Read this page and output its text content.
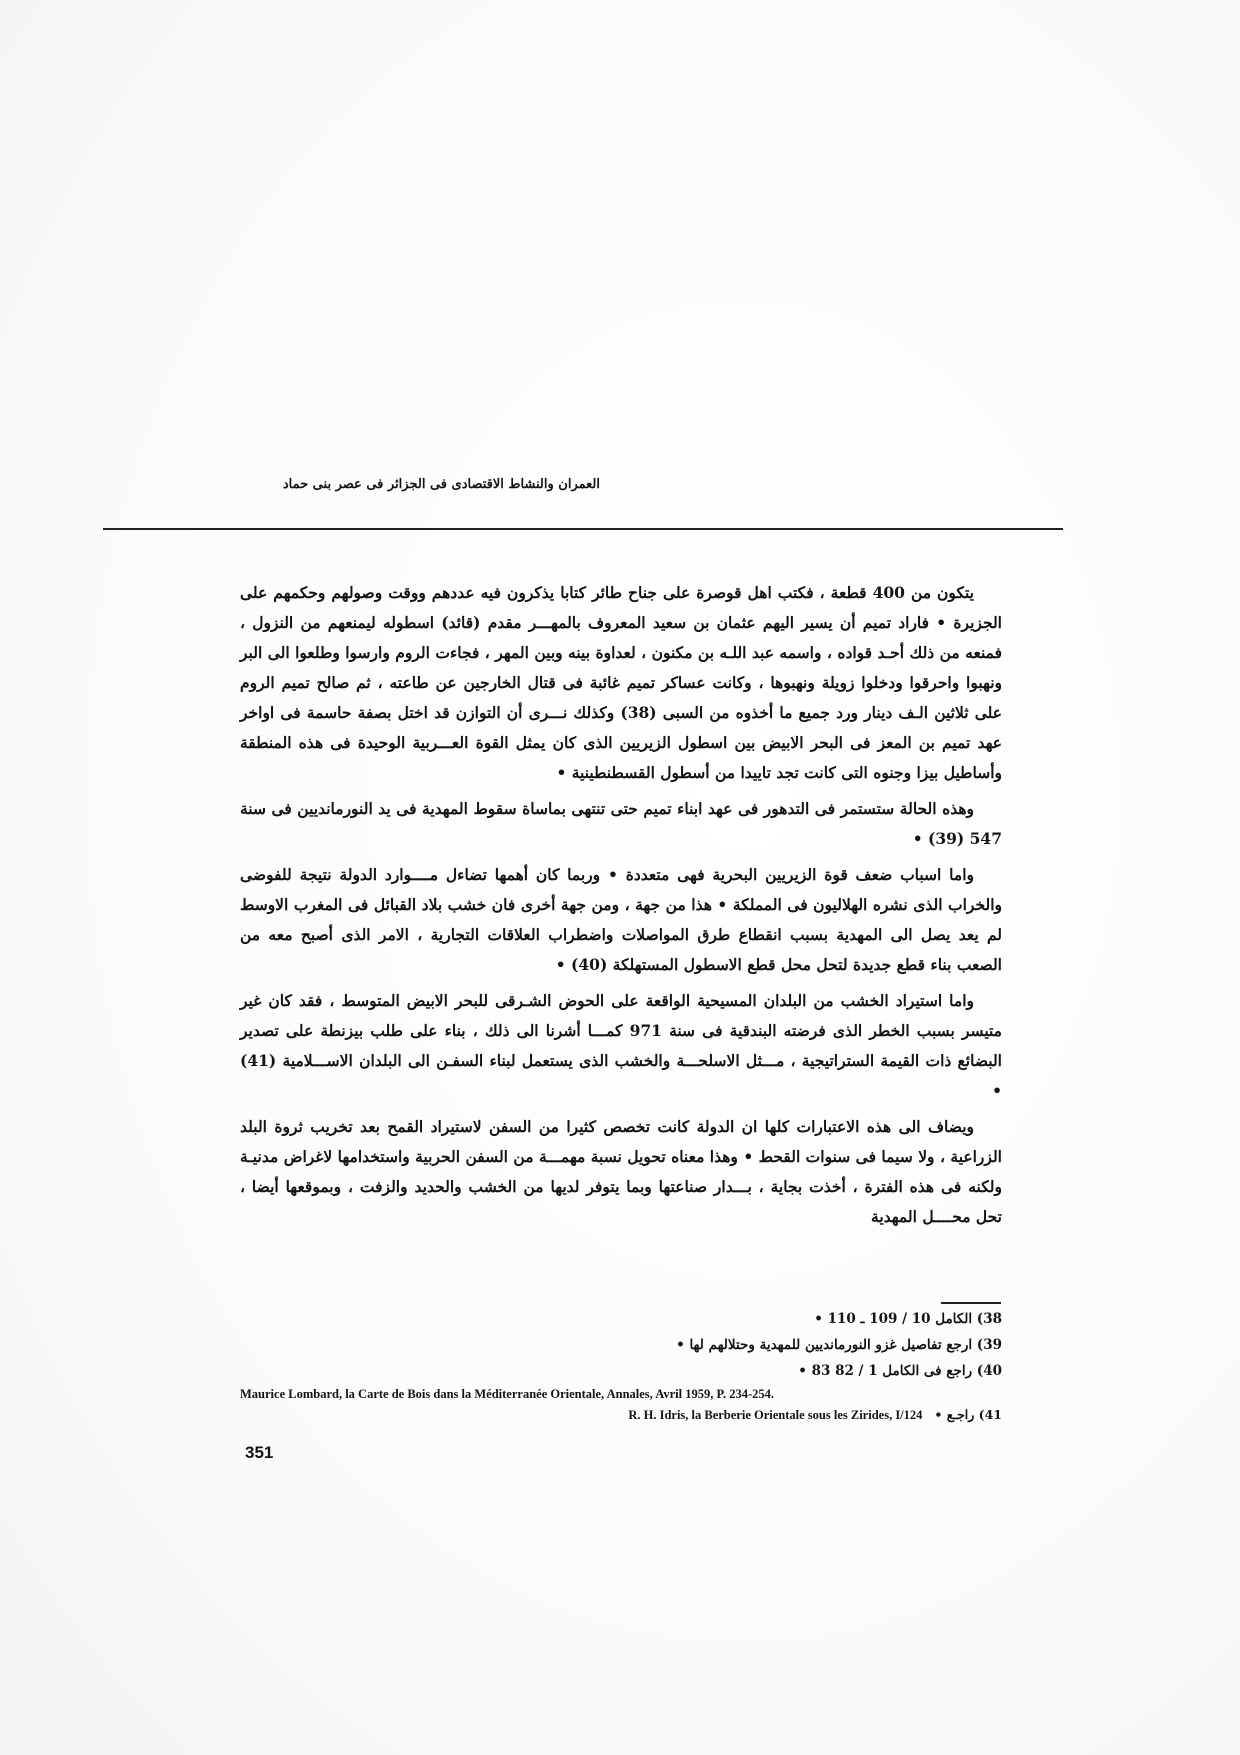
العمران والنشاط الاقتصادى فى الجزائر فى عصر بنى حماد

يتكون من 400 قطعة ، فكتب اهل قوصرة على جناح طائر كتابا يذكرون فيه عددهم ووقت وصولهم وحكمهم على الجزيرة • فاراد تميم أن يسير اليهم عثمان بن سعيد المعروف بالمهـــر مقدم (قائد) اسطوله ليمنعهم من النزول ، فمنعه من ذلك أحـد قواده ، واسمه عبد اللـه بن مكنون ، لعداوة بينه وبين المهر ، فجاءت الروم وارسوا وطلعوا الى البر ونهبوا واحرقوا ودخلوا زويلة ونهبوها ، وكانت عساكر تميم غائبة فى قتال الخارجين عن طاعته ، ثم صالح تميم الروم على ثلاثين الـف دينار ورد جميع ما أخذوه من السبى (38) وكذلك نـــرى أن التوازن قد اختل بصفة حاسمة فى اواخر عهد تميم بن المعز فى البحر الابيض بين اسطول الزيريين الذى كان يمثل القوة العـــربية الوحيدة فى هذه المنطقة وأساطيل بيزا وجنوه التى كانت تجد تاييدا من أسطول القسطنطينية •

وهذه الحالة ستستمر فى التدهور فى عهد ابناء تميم حتى تنتهى بماساة سقوط المهدية فى يد النورمانديين فى سنة 547 (39) •

واما اسباب ضعف قوة الزيريين البحرية فهى متعددة • وربما كان أهمها تضاءل مــــوارد الدولة نتيجة للفوضى والخراب الذى نشره الهلاليون فى المملكة • هذا من جهة ، ومن جهة أخرى فان خشب بلاد القبائل فى المغرب الاوسط لم يعد يصل الى المهدية بسبب انقطاع طرق المواصلات واضطراب العلاقات التجارية ، الامر الذى أصبح معه من الصعب بناء قطع جديدة لتحل محل قطع الاسطول المستهلكة (40) •

واما استيراد الخشب من البلدان المسيحية الواقعة على الحوض الشـرقى للبحر الابيض المتوسط ، فقد كان غير متيسر بسبب الخطر الذى فرضته البندقية فى سنة 971 كمـــا أشرنا الى ذلك ، بناء على طلب بيزنطة على تصدير البضائع ذات القيمة الستراتيجية ، مـــثل الاسلحـــة والخشب الذى يستعمل لبناء السفـن الى البلدان الاســـلامية (41) •

ويضاف الى هذه الاعتبارات كلها ان الدولة كانت تخصص كثيرا من السفن لاستيراد القمح بعد تخريب ثروة البلد الزراعية ، ولا سيما فى سنوات القحط • وهذا معناه تحويل نسبة مهمـــة من السفن الحربية واستخدامها لاغراض مدنيـة ولكنه فى هذه الفترة ، أخذت بجاية ، بـــدار صناعتها وبما يتوفر لديها من الخشب والحديد والزفت ، وبموقعها أيضا ، تحل محــــل المهدية

38) الكامل 10 / 109 ـ 110 •
39) ارجع تفاصيل غزو النورمانديين للمهدية وحتلالهم لها •
40) راجع فى الكامل 1 / 82 83 •
Maurice Lombard, la Carte de Bois dans la Méditerranée Orientale, Annales, Avril 1959, P. 234-254.
R. H. Idris, la Berberie Orientale sous les Zirides, I/124 41) راجـع •
351
